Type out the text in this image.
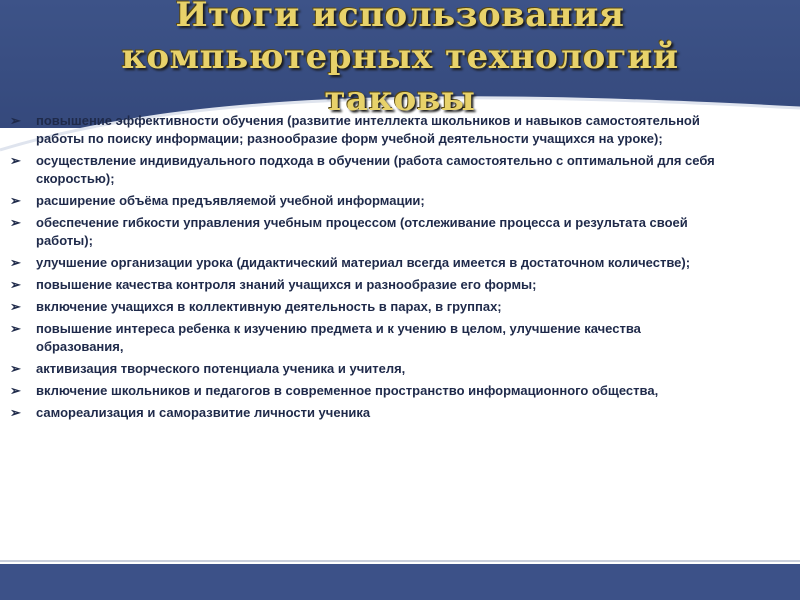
Итоги использования
компьютерных технологий
таковы
➢ повышение эффективности обучения (развитие интеллекта школьников и навыков самостоятельной работы по поиску информации; разнообразие форм учебной деятельности учащихся на уроке);
➢ осуществление индивидуального подхода в обучении (работа самостоятельно с оптимальной для себя скоростью);
➢ расширение объёма предъявляемой учебной информации;
➢ обеспечение гибкости управления учебным процессом (отслеживание процесса и результата своей работы);
➢ улучшение организации урока (дидактический материал всегда имеется в достаточном количестве);
➢ повышение качества контроля знаний учащихся и разнообразие его формы;
➢ включение учащихся в коллективную деятельность в парах, в группах;
➢ повышение интереса ребенка к изучению предмета и к учению в целом, улучшение качества образования,
➢ активизация творческого потенциала ученика и учителя,
➢ включение школьников и педагогов в современное пространство информационного общества,
➢ самореализация и саморазвитие личности ученика
